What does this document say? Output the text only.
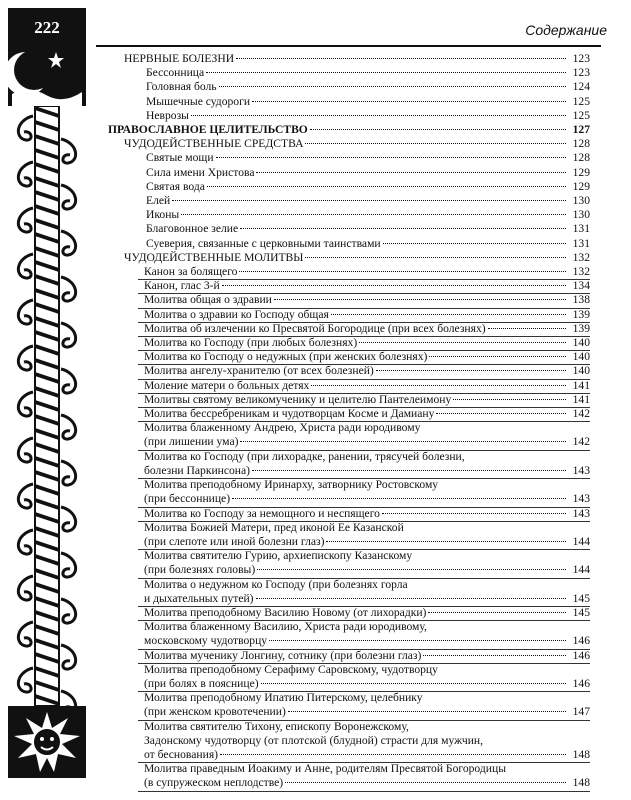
222	Содержание
НЕРВНЫЕ БОЛЕЗНИ	123
Бессонница	123
Головная боль	124
Мышечные судороги	125
Неврозы	125
ПРАВОСЛАВНОЕ ЦЕЛИТЕЛЬСТВО	127
ЧУДОДЕЙСТВЕННЫЕ СРЕДСТВА	128
Святые мощи	128
Сила имени Христова	129
Святая вода	129
Елей	130
Иконы	130
Благовонное зелие	131
Суеверия, связанные с церковными таинствами	131
ЧУДОДЕЙСТВЕННЫЕ МОЛИТВЫ	132
Канон за болящего	132
Канон, глас 3-й	134
Молитва общая о здравии	138
Молитва о здравии ко Господу общая	139
Молитва об излечении ко Пресвятой Богородице (при всех болезнях)	139
Молитва ко Господу (при любых болезнях)	140
Молитва ко Господу о недужных (при женских болезнях)	140
Молитва ангелу-хранителю (от всех болезней)	140
Моление матери о больных детях	141
Молитвы святому великомученику и целителю Пантелеимону	141
Молитва бессребреникам и чудотворцам Космe и Дамиану	142
Молитва блаженному Андрею, Христа ради юродивому
(при лишении ума)	142
Молитва ко Господу (при лихорадке, ранении, трясучей болезни,
болезни Паркинсона)	143
Молитва преподобному Иринарху, затворнику Ростовскому
(при бессоннице)	143
Молитва ко Господу за немощного и неспящего	143
Молитва Божией Матери, пред иконой Ее Казанской
(при слепоте или иной болезни глаз)	144
Молитва святителю Гурию, архиепископу Казанскому
(при болезнях головы)	144
Молитва о недужном ко Господу (при болезнях горла
и дыхательных путей)	145
Молитва преподобному Василию Новому (от лихорадки)	145
Молитва блаженному Василию, Христа ради юродивому,
московскому чудотворцу	146
Молитва мученику Лонгину, сотнику (при болезни глаз)	146
Молитва преподобному Серафиму Саровскому, чудотворцу
(при болях в пояснице)	146
Молитва преподобному Ипатию Питерскому, целебнику
(при женском кровотечении)	147
Молитва святителю Тихону, епископу Воронежскому,
Задонскому чудотворцу (от плотской (блудной) страсти для мужчин,
от беснования)	148
Молитва праведным Иоакиму и Анне, родителям Пресвятой Богородицы
(в супружеском неплодстве)	148
